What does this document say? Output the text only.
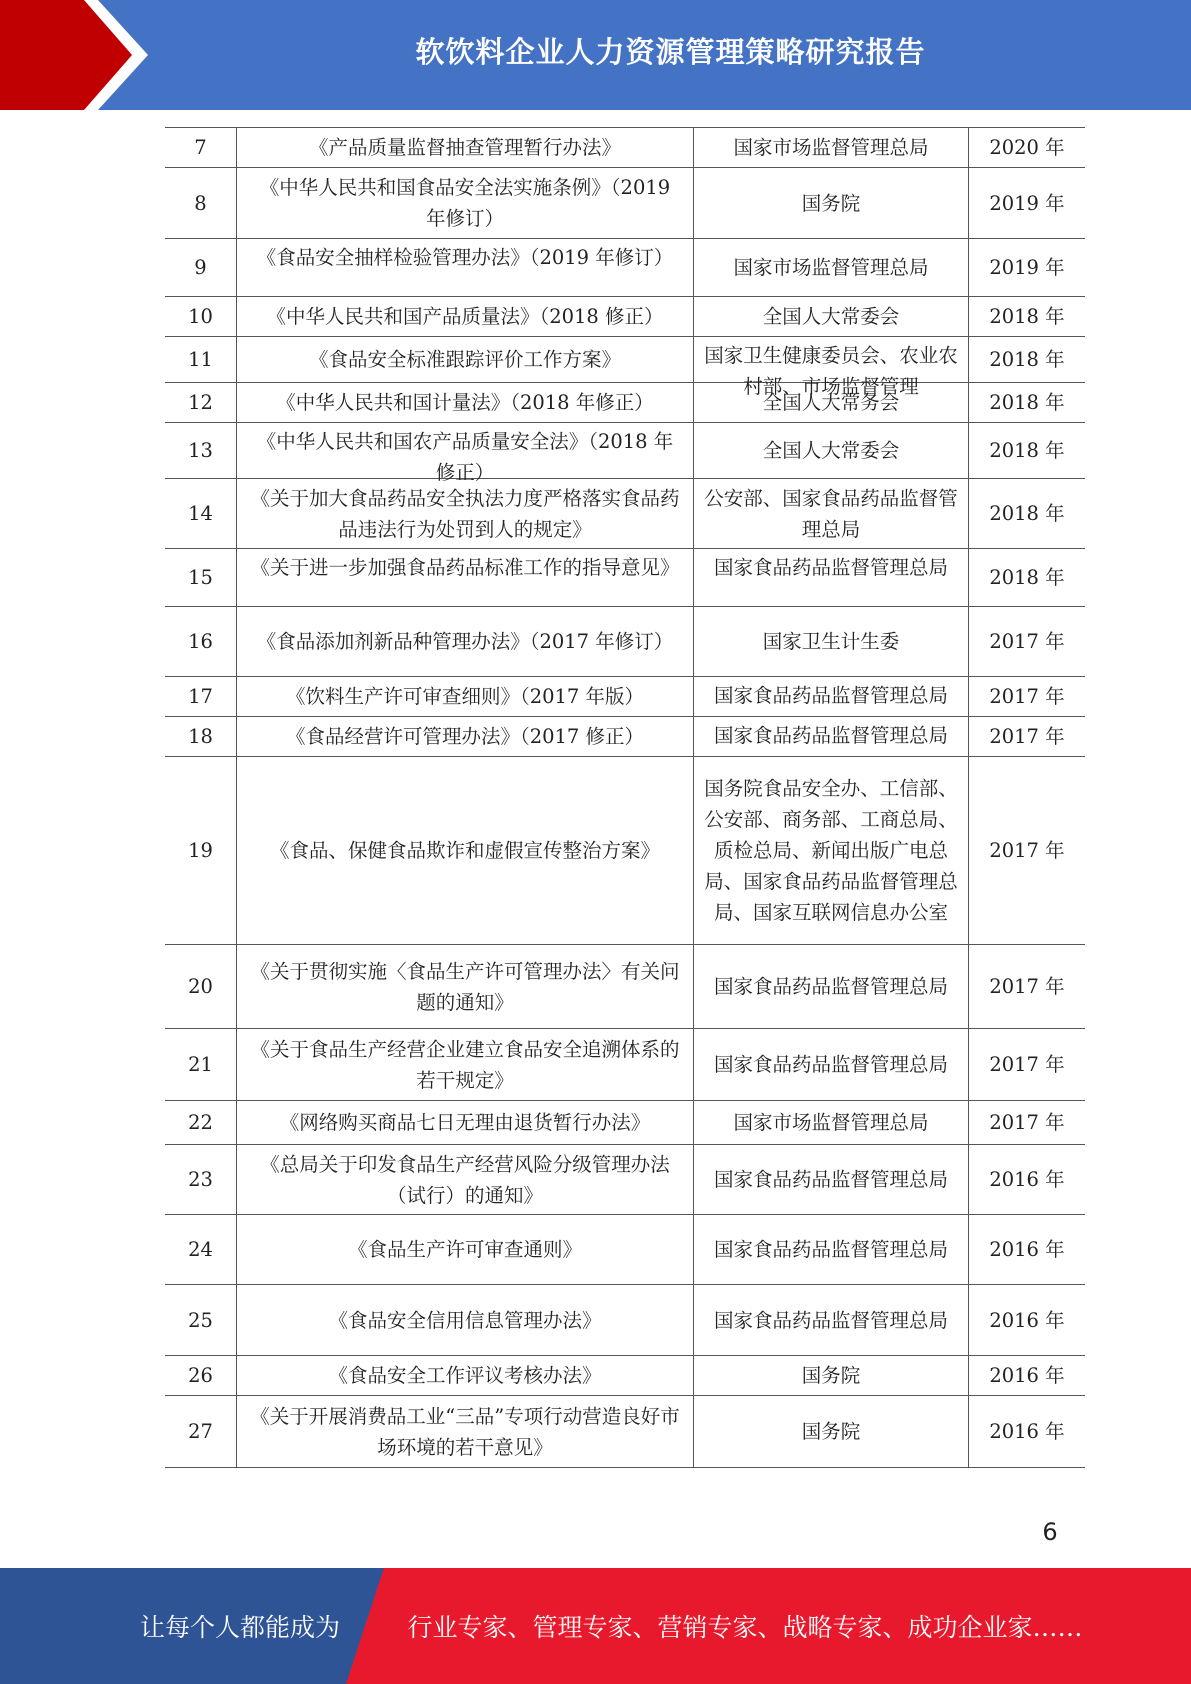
软饮料企业人力资源管理策略研究报告
7	《产品质量监督抽查管理暂行办法》	国家市场监督管理总局	2020 年
8	《中华人民共和国食品安全法实施条例》（2019 年修订）	国务院	2019 年
9	《食品安全抽样检验管理办法》（2019 年修订）	国家市场监督管理总局	2019 年
10	《中华人民共和国产品质量法》（2018 修正）	全国人大常委会	2018 年
11	《食品安全标准跟踪评价工作方案》	国家卫生健康委员会、农业农村部、市场监督管理	2018 年
12	《中华人民共和国计量法》（2018 年修正）	全国人大常务会	2018 年
13	《中华人民共和国农产品质量安全法》（2018 年修正）	全国人大常委会	2018 年
14	《关于加大食品药品安全执法力度严格落实食品药品违法行为处罚到人的规定》	公安部、国家食品药品监督管理总局	2018 年
15	《关于进一步加强食品药品标准工作的指导意见》	国家食品药品监督管理总局	2018 年
16	《食品添加剂新品种管理办法》（2017 年修订）	国家卫生计生委	2017 年
17	《饮料生产许可审查细则》（2017 年版）	国家食品药品监督管理总局	2017 年
18	《食品经营许可管理办法》（2017 修正）	国家食品药品监督管理总局	2017 年
19	《食品、保健食品欺诈和虚假宣传整治方案》	国务院食品安全办、工信部、公安部、商务部、工商总局、质检总局、新闻出版广电总局、国家食品药品监督管理总局、国家互联网信息办公室	2017 年
20	《关于贯彻实施〈食品生产许可管理办法〉有关问题的通知》	国家食品药品监督管理总局	2017 年
21	《关于食品生产经营企业建立食品安全追溯体系的若干规定》	国家食品药品监督管理总局	2017 年
22	《网络购买商品七日无理由退货暂行办法》	国家市场监督管理总局	2017 年
23	《总局关于印发食品生产经营风险分级管理办法（试行）的通知》	国家食品药品监督管理总局	2016 年
24	《食品生产许可审查通则》	国家食品药品监督管理总局	2016 年
25	《食品安全信用信息管理办法》	国家食品药品监督管理总局	2016 年
26	《食品安全工作评议考核办法》	国务院	2016 年
27	《关于开展消费品工业“三品”专项行动营造良好市场环境的若干意见》	国务院	2016 年
6
让每个人都能成为	行业专家、管理专家、营销专家、战略专家、成功企业家……
